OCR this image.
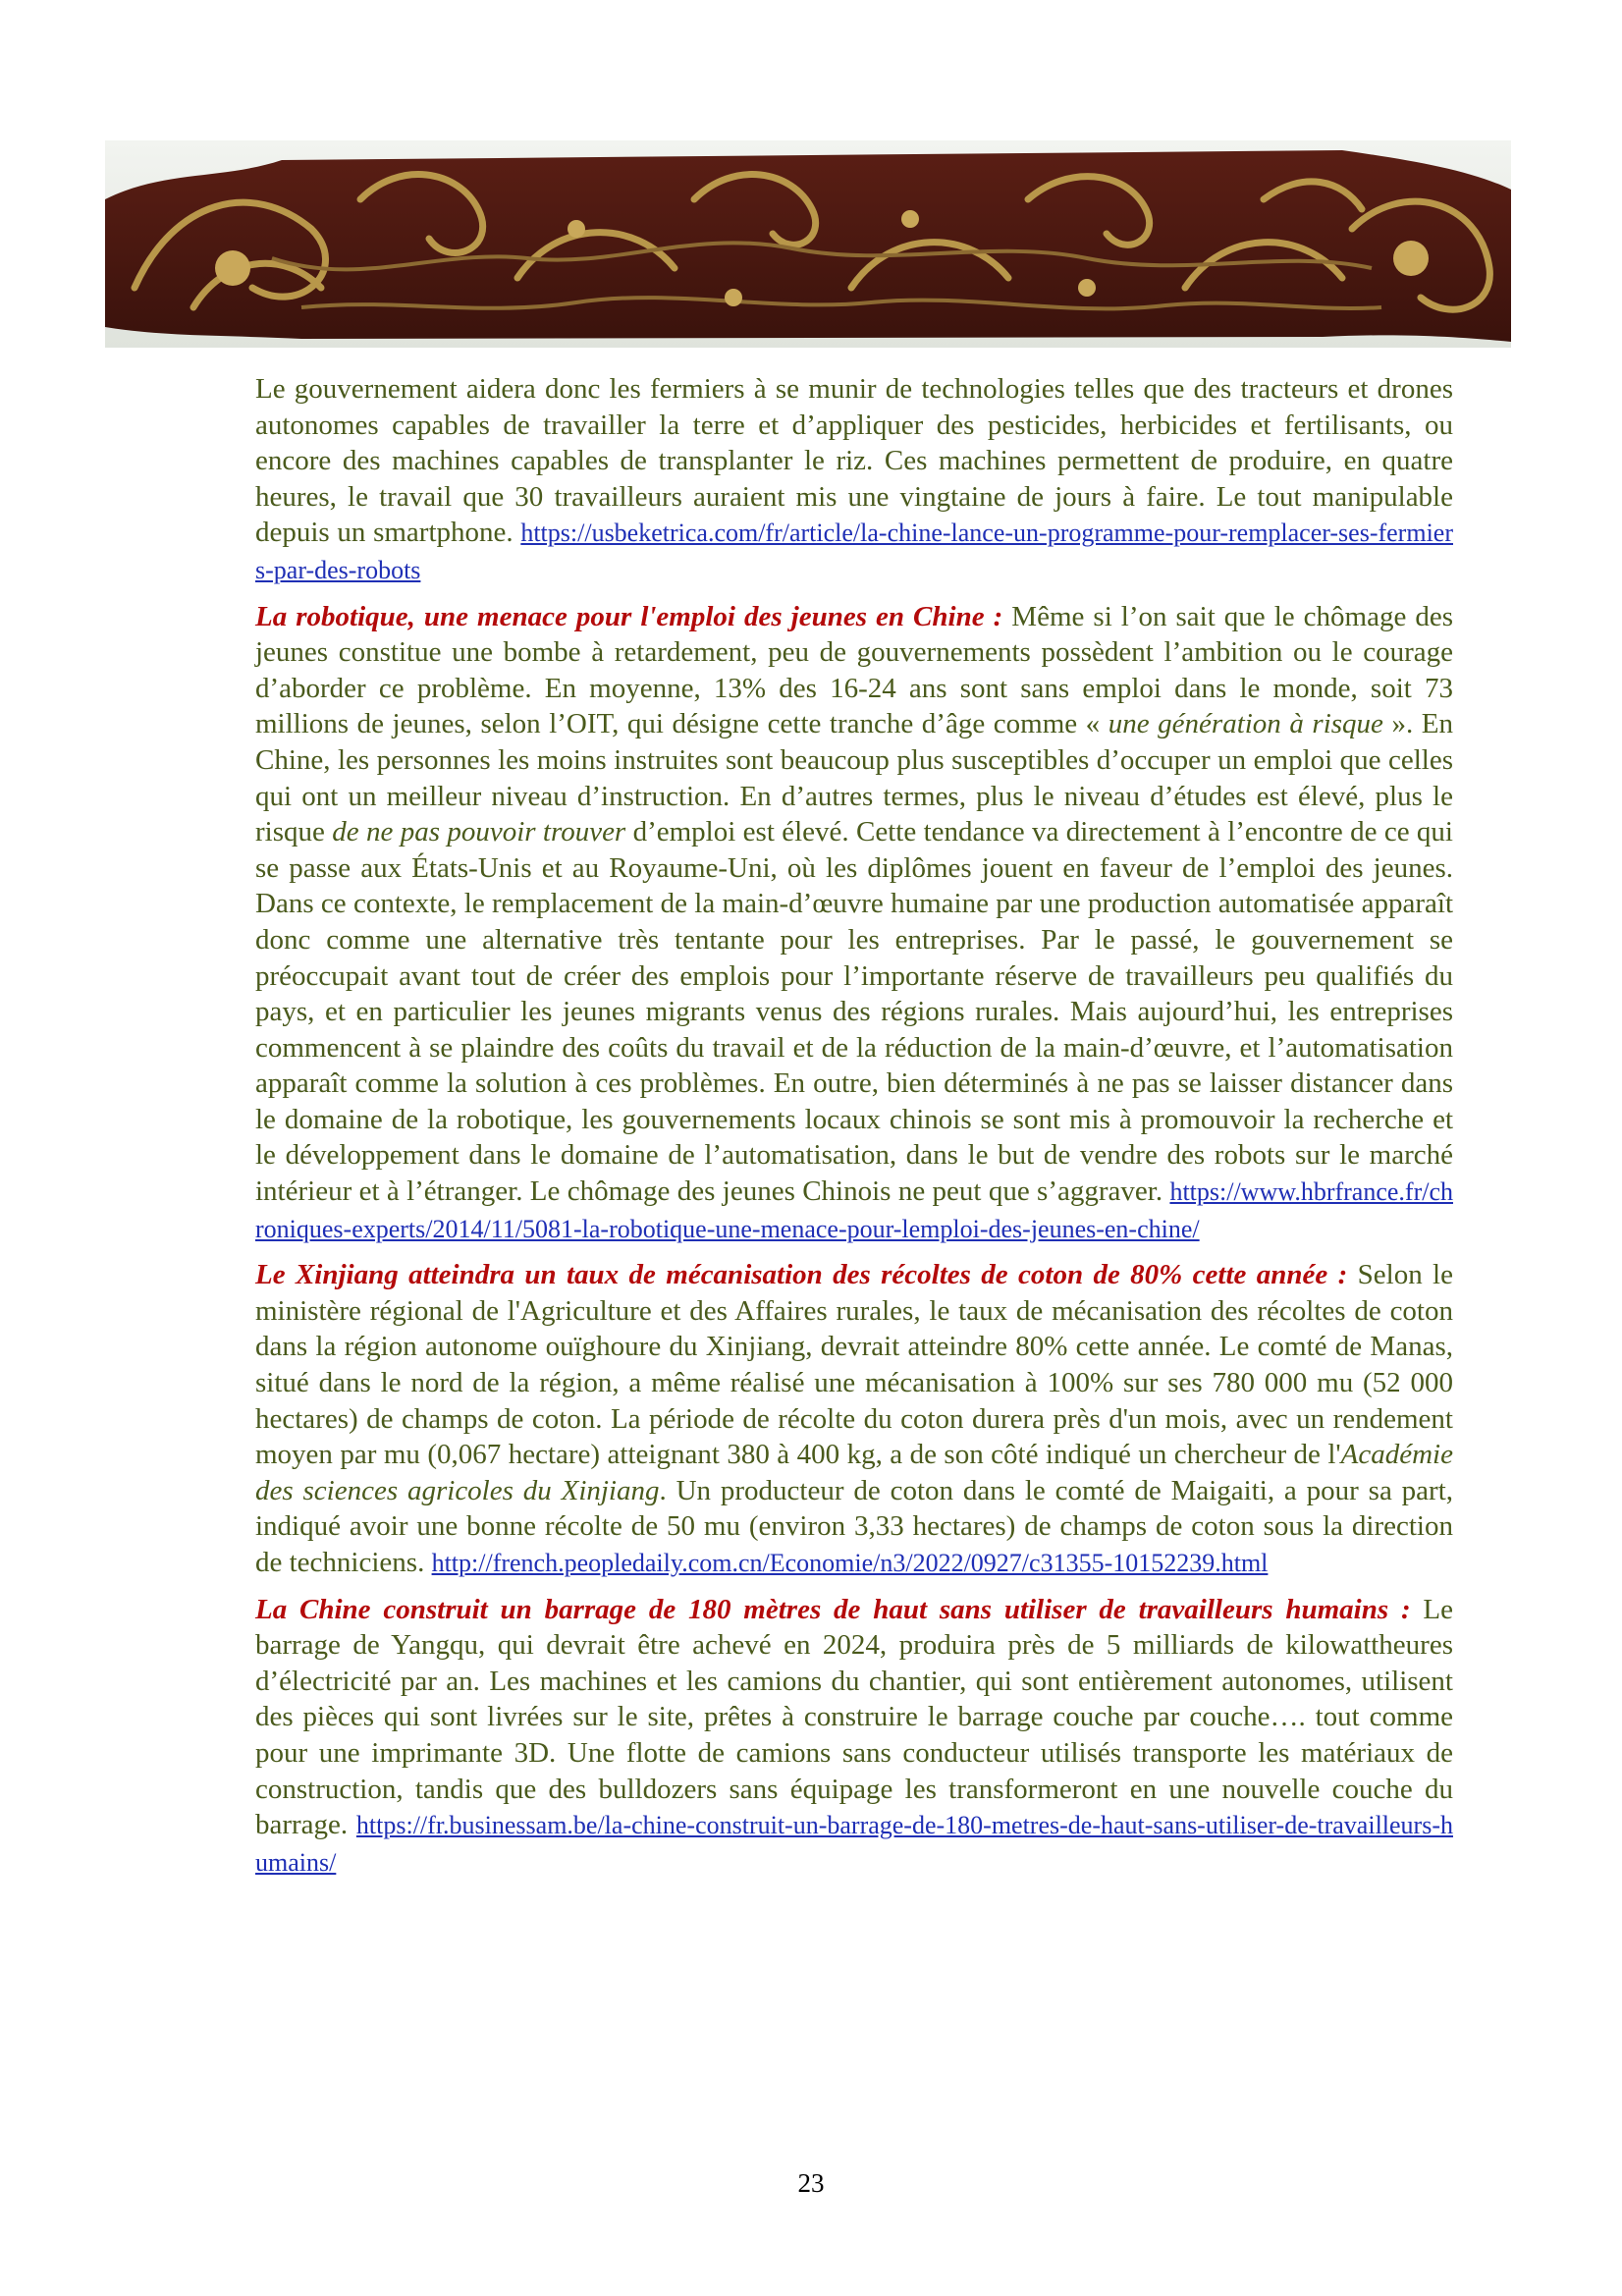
Le gouvernement aidera donc les fermiers à se munir de technologies telles que des tracteurs et drones autonomes capables de travailler la terre et d’appliquer des pesticides, herbicides et fertilisants, ou encore des machines capables de transplanter le riz. Ces machines permettent de produire, en quatre heures, le travail que 30 travailleurs auraient mis une vingtaine de jours à faire. Le tout manipulable depuis un smartphone. https://usbeketrica.com/fr/article/la-chine-lance-un-programme-pour-remplacer-ses-fermiers-par-des-robots

La robotique, une menace pour l'emploi des jeunes en Chine : Même si l’on sait que le chômage des jeunes constitue une bombe à retardement, peu de gouvernements possèdent l’ambition ou le courage d’aborder ce problème. En moyenne, 13% des 16-24 ans sont sans emploi dans le monde, soit 73 millions de jeunes, selon l’OIT, qui désigne cette tranche d’âge comme « une génération à risque ». En Chine, les personnes les moins instruites sont beaucoup plus susceptibles d’occuper un emploi que celles qui ont un meilleur niveau d’instruction. En d’autres termes, plus le niveau d’études est élevé, plus le risque de ne pas pouvoir trouver d’emploi est élevé. Cette tendance va directement à l’encontre de ce qui se passe aux États-Unis et au Royaume-Uni, où les diplômes jouent en faveur de l’emploi des jeunes. Dans ce contexte, le remplacement de la main-d’œuvre humaine par une production automatisée apparaît donc comme une alternative très tentante pour les entreprises. Par le passé, le gouvernement se préoccupait avant tout de créer des emplois pour l’importante réserve de travailleurs peu qualifiés du pays, et en particulier les jeunes migrants venus des régions rurales. Mais aujourd’hui, les entreprises commencent à se plaindre des coûts du travail et de la réduction de la main-d’œuvre, et l’automatisation apparaît comme la solution à ces problèmes. En outre, bien déterminés à ne pas se laisser distancer dans le domaine de la robotique, les gouvernements locaux chinois se sont mis à promouvoir la recherche et le développement dans le domaine de l’automatisation, dans le but de vendre des robots sur le marché intérieur et à l’étranger. Le chômage des jeunes Chinois ne peut que s’aggraver. https://www.hbrfrance.fr/chroniques-experts/2014/11/5081-la-robotique-une-menace-pour-lemploi-des-jeunes-en-chine/

Le Xinjiang atteindra un taux de mécanisation des récoltes de coton de 80% cette année : Selon le ministère régional de l'Agriculture et des Affaires rurales, le taux de mécanisation des récoltes de coton dans la région autonome ouïghoure du Xinjiang, devrait atteindre 80% cette année. Le comté de Manas, situé dans le nord de la région, a même réalisé une mécanisation à 100% sur ses 780 000 mu (52 000 hectares) de champs de coton. La période de récolte du coton durera près d'un mois, avec un rendement moyen par mu (0,067 hectare) atteignant 380 à 400 kg, a de son côté indiqué un chercheur de l'Académie des sciences agricoles du Xinjiang. Un producteur de coton dans le comté de Maigaiti, a pour sa part, indiqué avoir une bonne récolte de 50 mu (environ 3,33 hectares) de champs de coton sous la direction de techniciens. http://french.peopledaily.com.cn/Economie/n3/2022/0927/c31355-10152239.html

La Chine construit un barrage de 180 mètres de haut sans utiliser de travailleurs humains : Le barrage de Yangqu, qui devrait être achevé en 2024, produira près de 5 milliards de kilowattheures d’électricité par an. Les machines et les camions du chantier, qui sont entièrement autonomes, utilisent des pièces qui sont livrées sur le site, prêtes à construire le barrage couche par couche…. tout comme pour une imprimante 3D. Une flotte de camions sans conducteur utilisés transporte les matériaux de construction, tandis que des bulldozers sans équipage les transformeront en une nouvelle couche du barrage. https://fr.businessam.be/la-chine-construit-un-barrage-de-180-metres-de-haut-sans-utiliser-de-travailleurs-humains/

23
